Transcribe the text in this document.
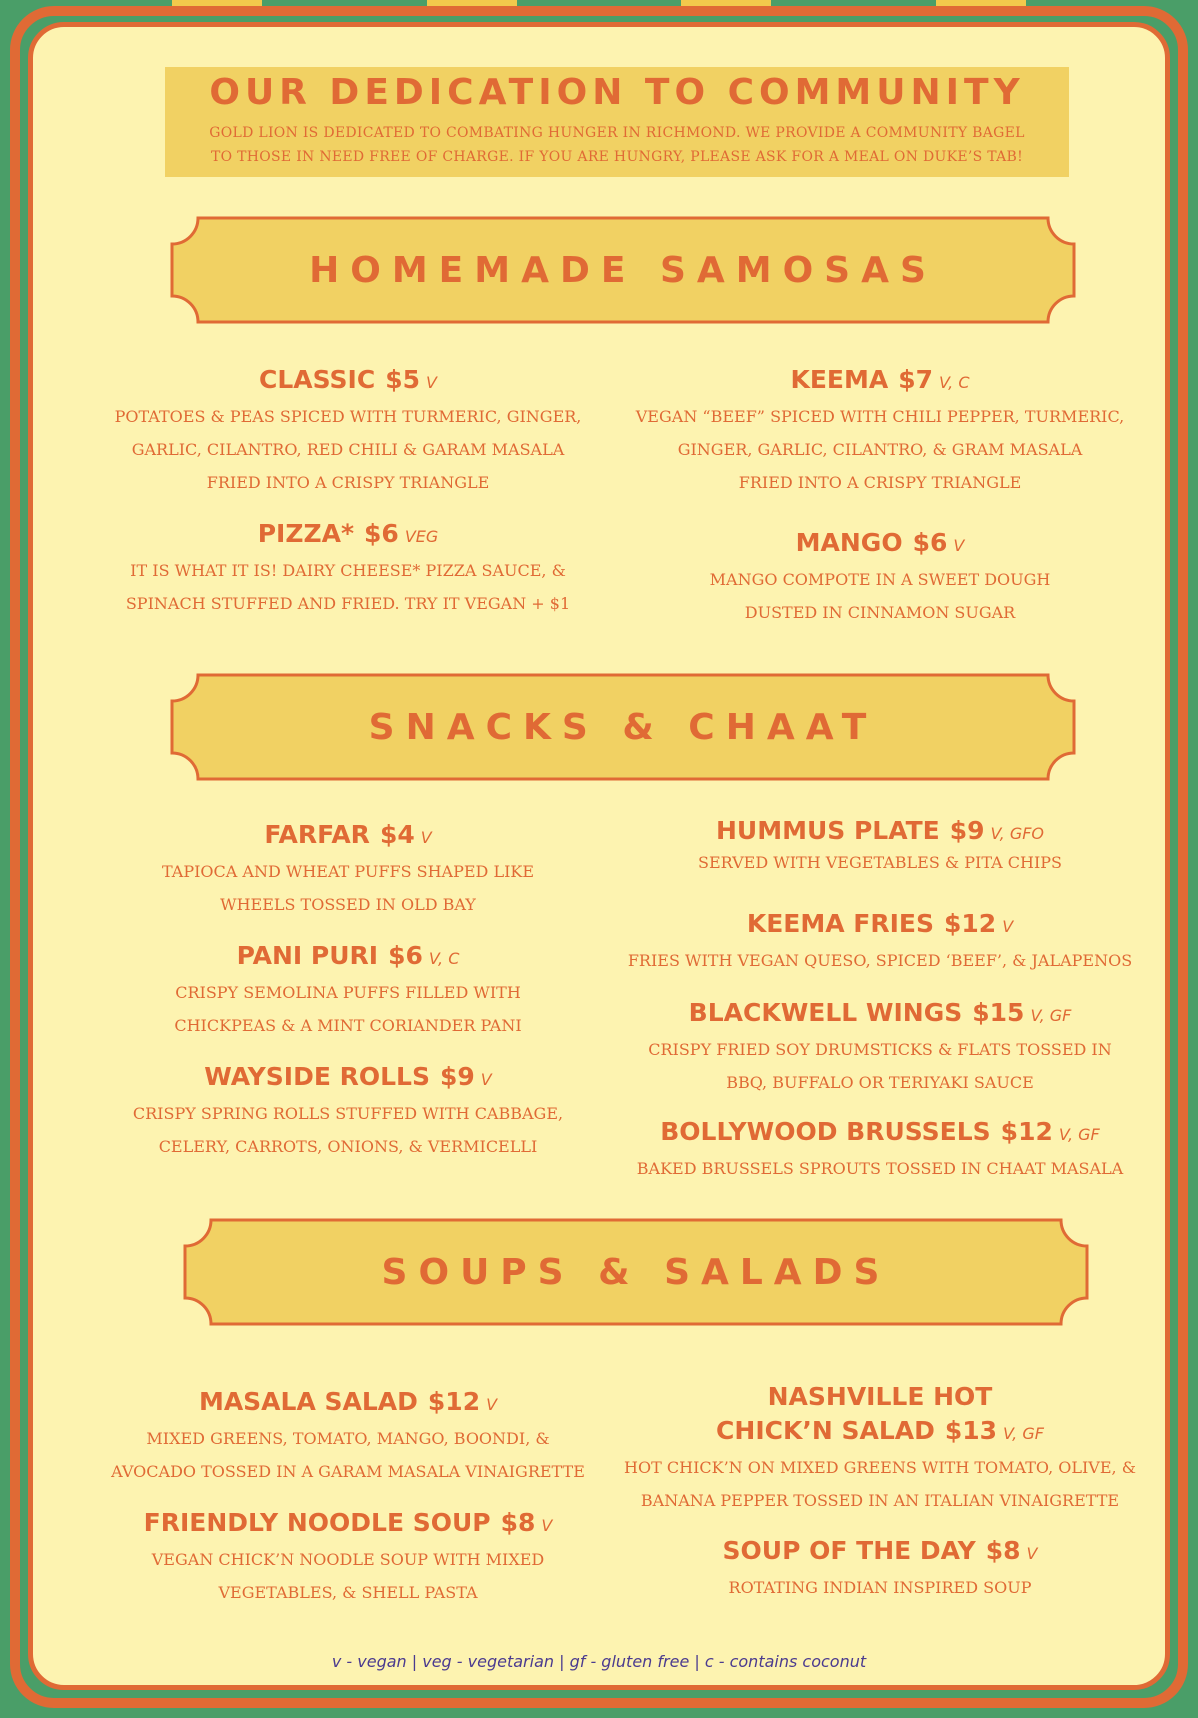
OUR DEDICATION TO COMMUNITY

GOLD LION IS DEDICATED TO COMBATING HUNGER IN RICHMOND. WE PROVIDE A COMMUNITY BAGEL
TO THOSE IN NEED FREE OF CHARGE. IF YOU ARE HUNGRY, PLEASE ASK FOR A MEAL ON DUKE’S TAB!

HOMEMADE SAMOSAS
CLASSIC $5 V
POTATOES & PEAS SPICED WITH TURMERIC, GINGER,
GARLIC, CILANTRO, RED CHILI & GARAM MASALA
FRIED INTO A CRISPY TRIANGLE
KEEMA $7 V, C
VEGAN “BEEF” SPICED WITH CHILI PEPPER, TURMERIC,
GINGER, GARLIC, CILANTRO, & GRAM MASALA
FRIED INTO A CRISPY TRIANGLE
PIZZA* $6 VEG
IT IS WHAT IT IS! DAIRY CHEESE* PIZZA SAUCE, &
SPINACH STUFFED AND FRIED. TRY IT VEGAN + $1
MANGO $6 V
MANGO COMPOTE IN A SWEET DOUGH
DUSTED IN CINNAMON SUGAR
SNACKS & CHAAT
FARFAR $4 V
TAPIOCA AND WHEAT PUFFS SHAPED LIKE
WHEELS TOSSED IN OLD BAY
HUMMUS PLATE $9 V, GFO
SERVED WITH VEGETABLES & PITA CHIPS
PANI PURI $6 V, C
CRISPY SEMOLINA PUFFS FILLED WITH
CHICKPEAS & A MINT CORIANDER PANI
KEEMA FRIES $12 V
FRIES WITH VEGAN QUESO, SPICED ‘BEEF’, & JALAPENOS
WAYSIDE ROLLS $9 V
CRISPY SPRING ROLLS STUFFED WITH CABBAGE,
CELERY, CARROTS, ONIONS, & VERMICELLI
BLACKWELL WINGS $15 V, GF
CRISPY FRIED SOY DRUMSTICKS & FLATS TOSSED IN
BBQ, BUFFALO OR TERIYAKI SAUCE
BOLLYWOOD BRUSSELS $12 V, GF
BAKED BRUSSELS SPROUTS TOSSED IN CHAAT MASALA
SOUPS & SALADS
MASALA SALAD $12 V
MIXED GREENS, TOMATO, MANGO, BOONDI, &
AVOCADO TOSSED IN A GARAM MASALA VINAIGRETTE
NASHVILLE HOT
CHICK’N SALAD $13 V, GF
HOT CHICK’N ON MIXED GREENS WITH TOMATO, OLIVE, &
BANANA PEPPER TOSSED IN AN ITALIAN VINAIGRETTE
FRIENDLY NOODLE SOUP $8 V
VEGAN CHICK’N NOODLE SOUP WITH MIXED
VEGETABLES, & SHELL PASTA
SOUP OF THE DAY $8 V
ROTATING INDIAN INSPIRED SOUP
v - vegan | veg - vegetarian | gf - gluten free | c - contains coconut
